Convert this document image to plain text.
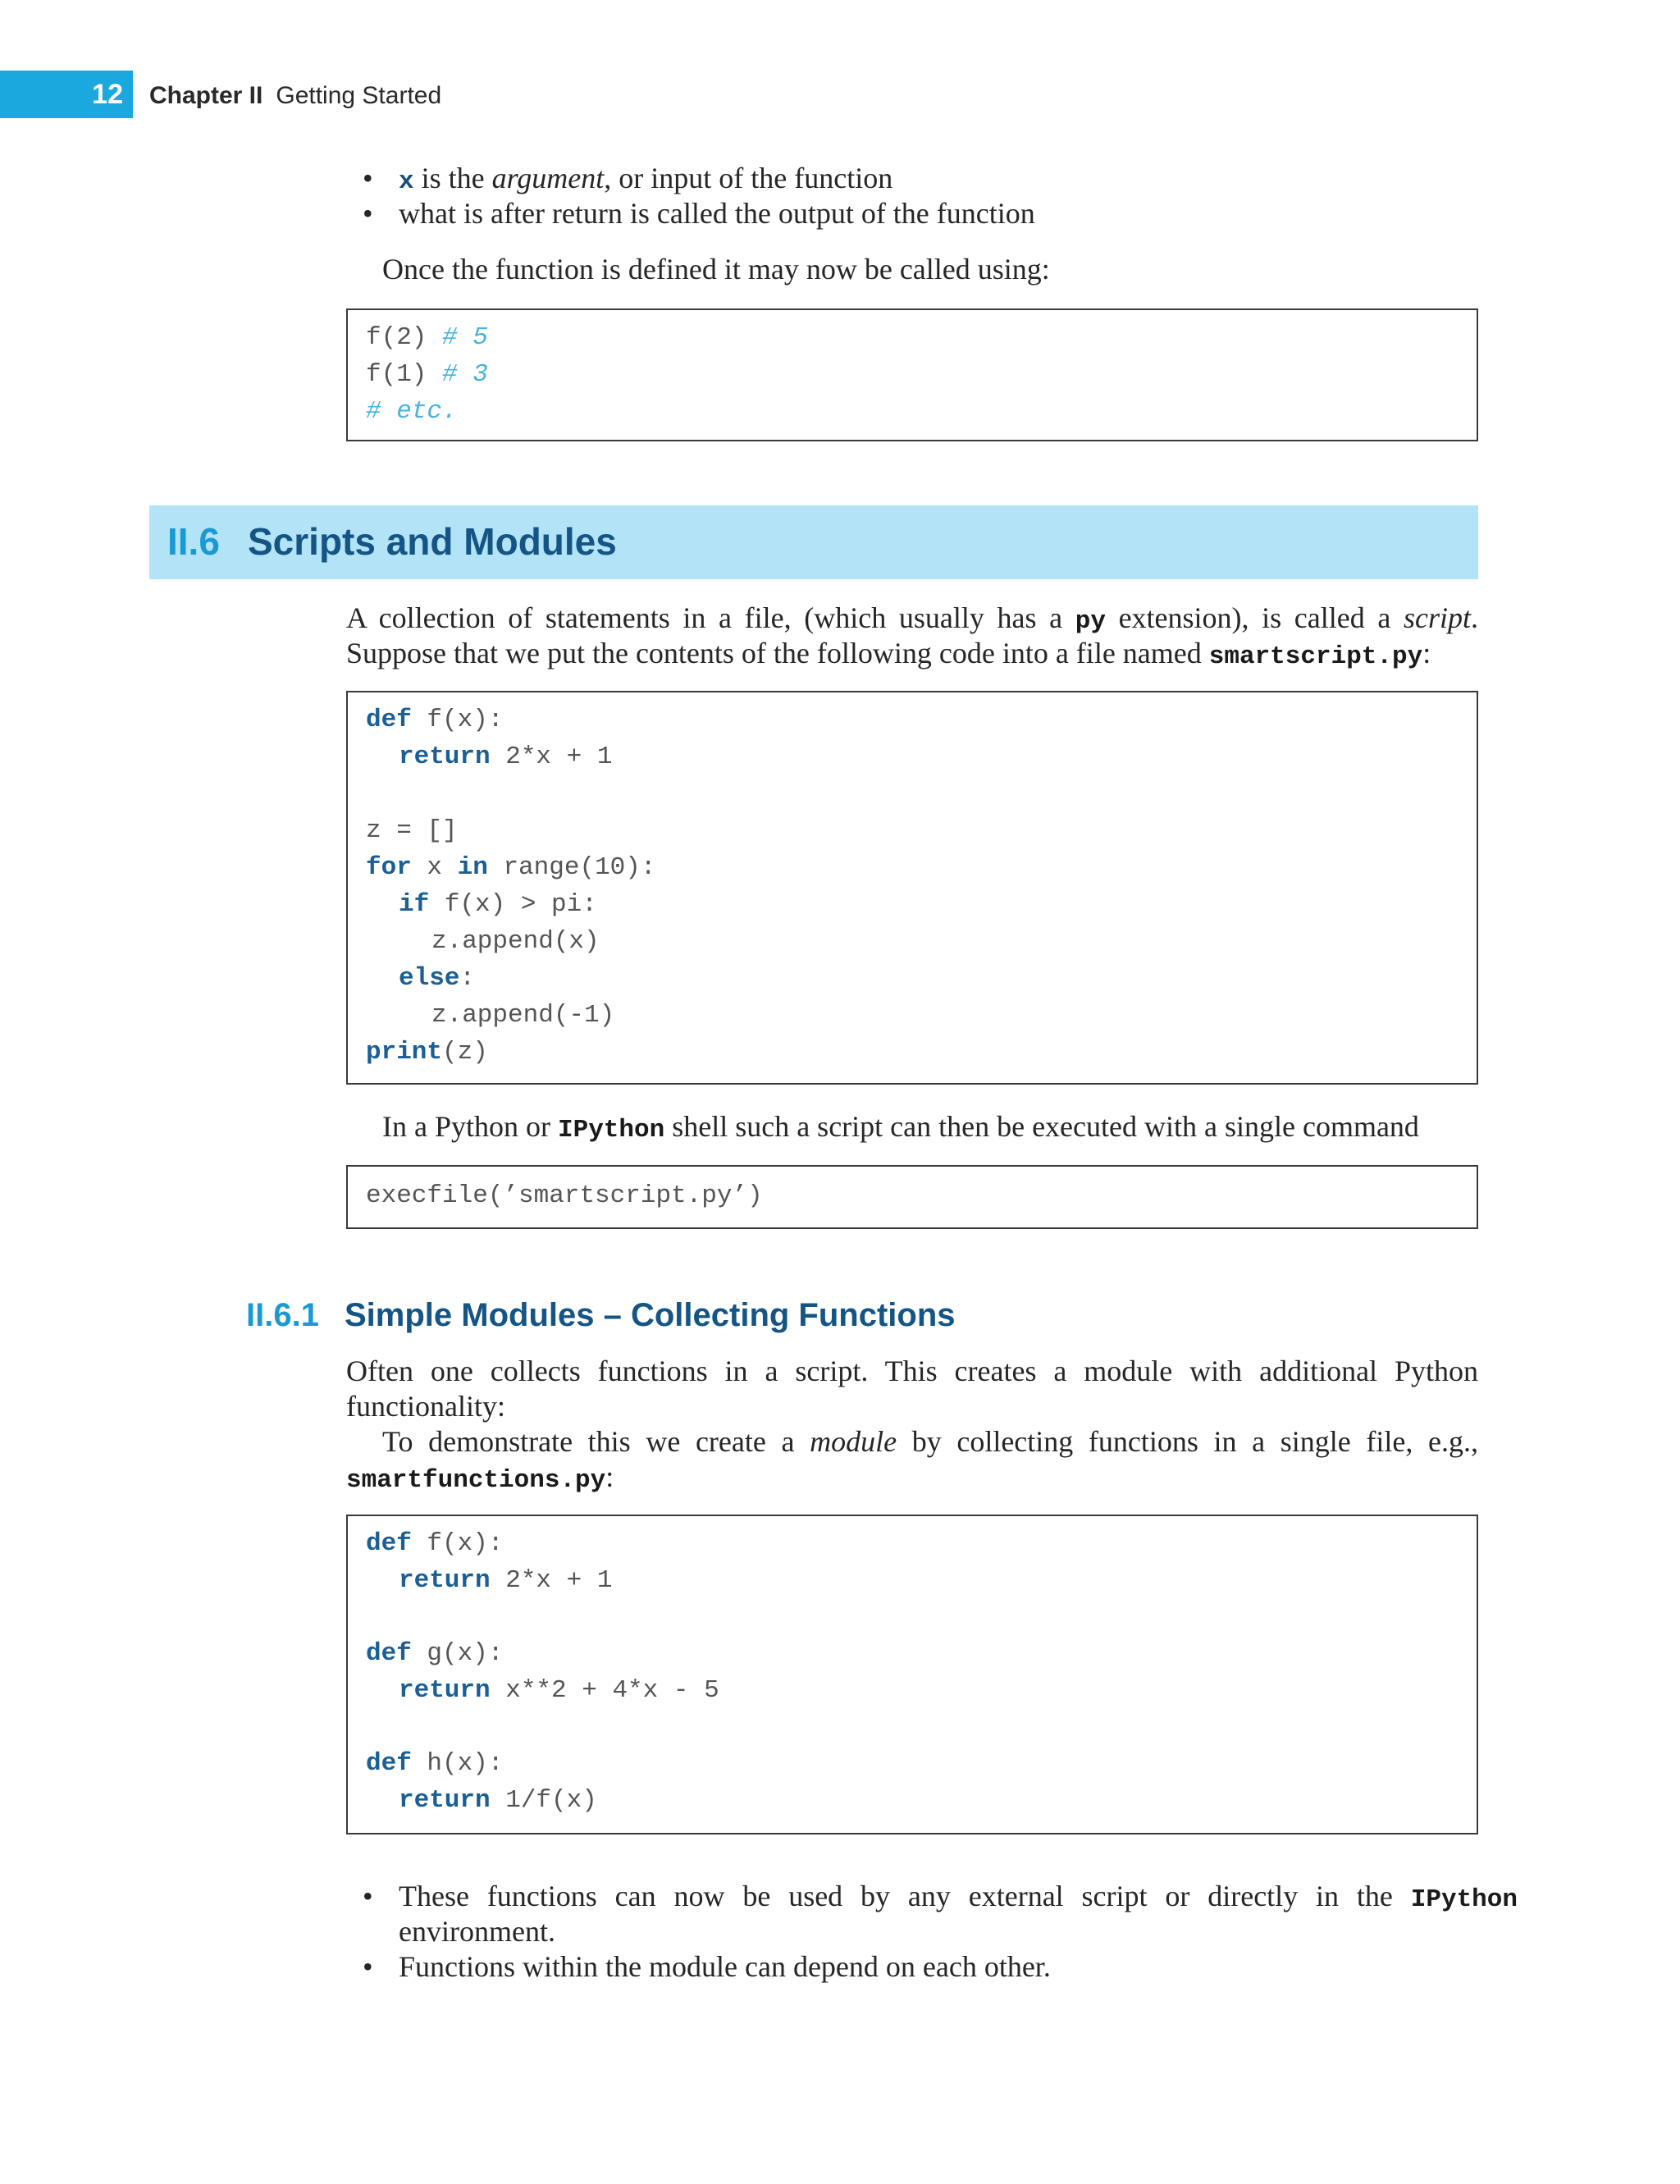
12 Chapter II Getting Started
• x is the argument, or input of the function
• what is after return is called the output of the function
Once the function is defined it may now be called using:
f(2) # 5
f(1) # 3
# etc.
II.6 Scripts and Modules
A collection of statements in a file, (which usually has a py extension), is called a script.
Suppose that we put the contents of the following code into a file named smartscript.py:
def f(x):
return 2*x + 1
z = []
for x in range(10):
if f(x) > pi:
z.append(x)
else:
z.append(-1)
print(z)
In a Python or IPython shell such a script can then be executed with a single command
execfile(’smartscript.py’)
II.6.1 Simple Modules – Collecting Functions
Often one collects functions in a script. This creates a module with additional Python
functionality:
To demonstrate this we create a module by collecting functions in a single file, e.g.,
smartfunctions.py:
def f(x):
return 2*x + 1
def g(x):
return x**2 + 4*x - 5
def h(x):
return 1/f(x)
• These functions can now be used by any external script or directly in the IPython
environment.
• Functions within the module can depend on each other.
